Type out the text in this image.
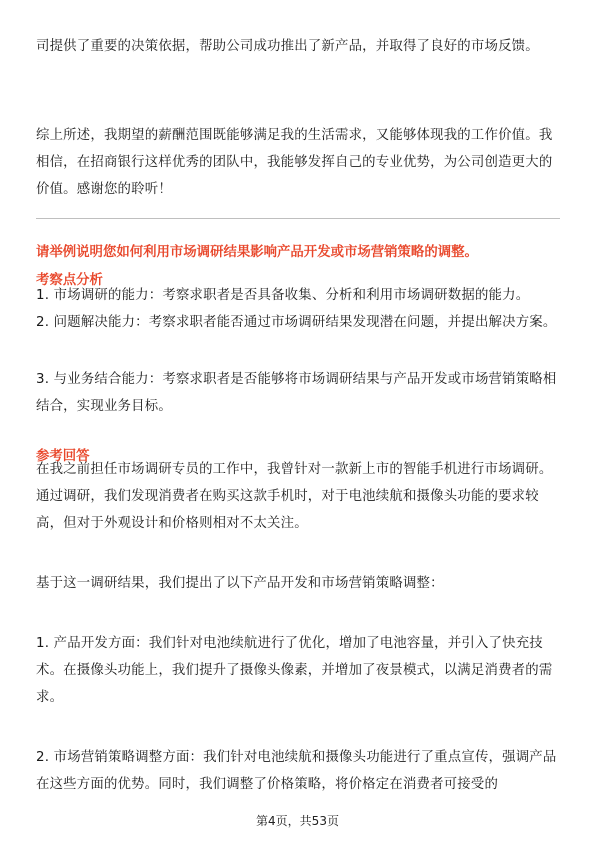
司提供了重要的决策依据，帮助公司成功推出了新产品，并取得了良好的市场反馈。

综上所述，我期望的薪酬范围既能够满足我的生活需求，又能够体现我的工作价值。我相信，在招商银行这样优秀的团队中，我能够发挥自己的专业优势，为公司创造更大的价值。感谢您的聆听！

请举例说明您如何利用市场调研结果影响产品开发或市场营销策略的调整。

考察点分析

1. 市场调研的能力：考察求职者是否具备收集、分析和利用市场调研数据的能力。

2. 问题解决能力：考察求职者能否通过市场调研结果发现潜在问题，并提出解决方案。

3. 与业务结合能力：考察求职者是否能够将市场调研结果与产品开发或市场营销策略相结合，实现业务目标。

参考回答

在我之前担任市场调研专员的工作中，我曾针对一款新上市的智能手机进行市场调研。通过调研，我们发现消费者在购买这款手机时，对于电池续航和摄像头功能的要求较高，但对于外观设计和价格则相对不太关注。

基于这一调研结果，我们提出了以下产品开发和市场营销策略调整：

1. 产品开发方面：我们针对电池续航进行了优化，增加了电池容量，并引入了快充技术。在摄像头功能上，我们提升了摄像头像素，并增加了夜景模式，以满足消费者的需求。

2. 市场营销策略调整方面：我们针对电池续航和摄像头功能进行了重点宣传，强调产品在这些方面的优势。同时，我们调整了价格策略，将价格定在消费者可接受的

第4页，共53页
